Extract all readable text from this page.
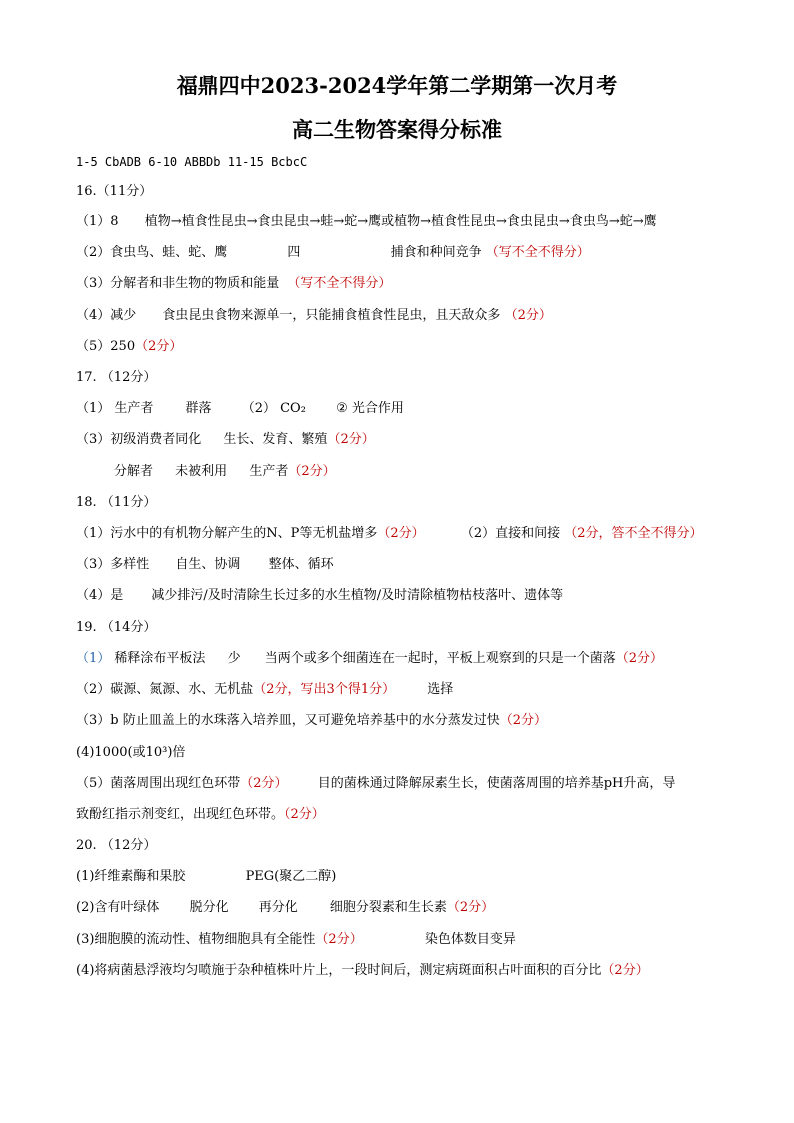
福鼎四中2023-2024学年第二学期第一次月考
高二生物答案得分标准
1-5 CbADB 6-10 ABBDb 11-15 BcbcC
16.（11分）
（1）8 植物→植食性昆虫→食虫昆虫→蛙→蛇→鹰或植物→植食性昆虫→食虫昆虫→食虫鸟→蛇→鹰
（2）食虫鸟、蛙、蛇、鹰	四	捕食和种间竞争 （写不全不得分）
（3）分解者和非生物的物质和能量 （写不全不得分）
（4）减少 食虫昆虫食物来源单一，只能捕食植食性昆虫，且天敌众多 （2分）
（5）250（2分）
17. （12分）
（1） 生产者 群落 （2） CO₂ ② 光合作用
（3）初级消费者同化 生长、发育、繁殖（2分）
分解者 未被利用 生产者（2分）
18. （11分）
（1）污水中的有机物分解产生的N、P等无机盐增多（2分）	（2）直接和间接 （2分，答不全不得分）
（3）多样性 自生、协调 整体、循环
（4）是 减少排污/及时清除生长过多的水生植物/及时清除植物枯枝落叶、遗体等
19. （14分）
（1） 稀释涂布平板法 少 当两个或多个细菌连在一起时，平板上观察到的只是一个菌落（2分）
（2）碳源、氮源、水、无机盐（2分，写出3个得1分） 选择
（3）b 防止皿盖上的水珠落入培养皿，又可避免培养基中的水分蒸发过快（2分）
(4)1000(或10³)倍
（5）菌落周围出现红色环带（2分） 目的菌株通过降解尿素生长，使菌落周围的培养基pH升高，导
致酚红指示剂变红，出现红色环带。（2分）
20. （12分）
(1)纤维素酶和果胶	PEG(聚乙二醇)
(2)含有叶绿体 脱分化 再分化 细胞分裂素和生长素（2分）
(3)细胞膜的流动性、植物细胞具有全能性（2分）	染色体数目变异
(4)将病菌悬浮液均匀喷施于杂种植株叶片上，一段时间后，测定病斑面积占叶面积的百分比（2分）
